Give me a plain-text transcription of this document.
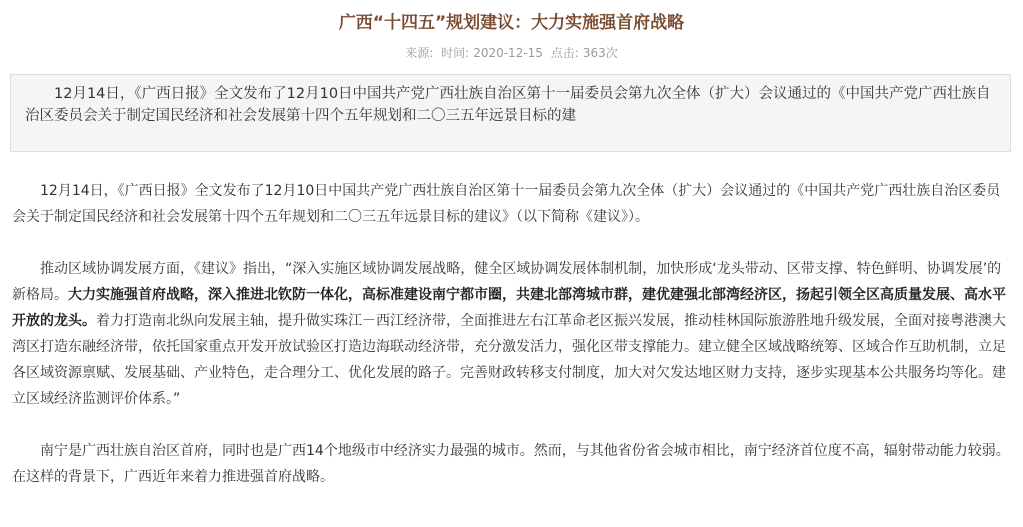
广西“十四五”规划建议：大力实施强首府战略
来源: 时间: 2020-12-15 点击: 363次
12月14日，《广西日报》全文发布了12月10日中国共产党广西壮族自治区第十一届委员会第九次全体（扩大）会议通过的《中国共产党广西壮族自治区委员会关于制定国民经济和社会发展第十四个五年规划和二〇三五年远景目标的建

12月14日，《广西日报》全文发布了12月10日中国共产党广西壮族自治区第十一届委员会第九次全体（扩大）会议通过的《中国共产党广西壮族自治区委员会关于制定国民经济和社会发展第十四个五年规划和二〇三五年远景目标的建议》（以下简称《建议》）。

推动区域协调发展方面，《建议》指出，“深入实施区域协调发展战略，健全区域协调发展体制机制，加快形成‘龙头带动、区带支撑、特色鲜明、协调发展’的新格局。大力实施强首府战略，深入推进北钦防一体化，高标准建设南宁都市圈，共建北部湾城市群，建优建强北部湾经济区，扬起引领全区高质量发展、高水平开放的龙头。着力打造南北纵向发展主轴，提升做实珠江－西江经济带，全面推进左右江革命老区振兴发展，推动桂林国际旅游胜地升级发展，全面对接粤港澳大湾区打造东融经济带，依托国家重点开发开放试验区打造边海联动经济带，充分激发活力，强化区带支撑能力。建立健全区域战略统筹、区域合作互助机制，立足各区域资源禀赋、发展基础、产业特色，走合理分工、优化发展的路子。完善财政转移支付制度，加大对欠发达地区财力支持，逐步实现基本公共服务均等化。建立区域经济监测评价体系。”

南宁是广西壮族自治区首府，同时也是广西14个地级市中经济实力最强的城市。然而，与其他省份省会城市相比，南宁经济首位度不高，辐射带动能力较弱。在这样的背景下，广西近年来着力推进强首府战略。
